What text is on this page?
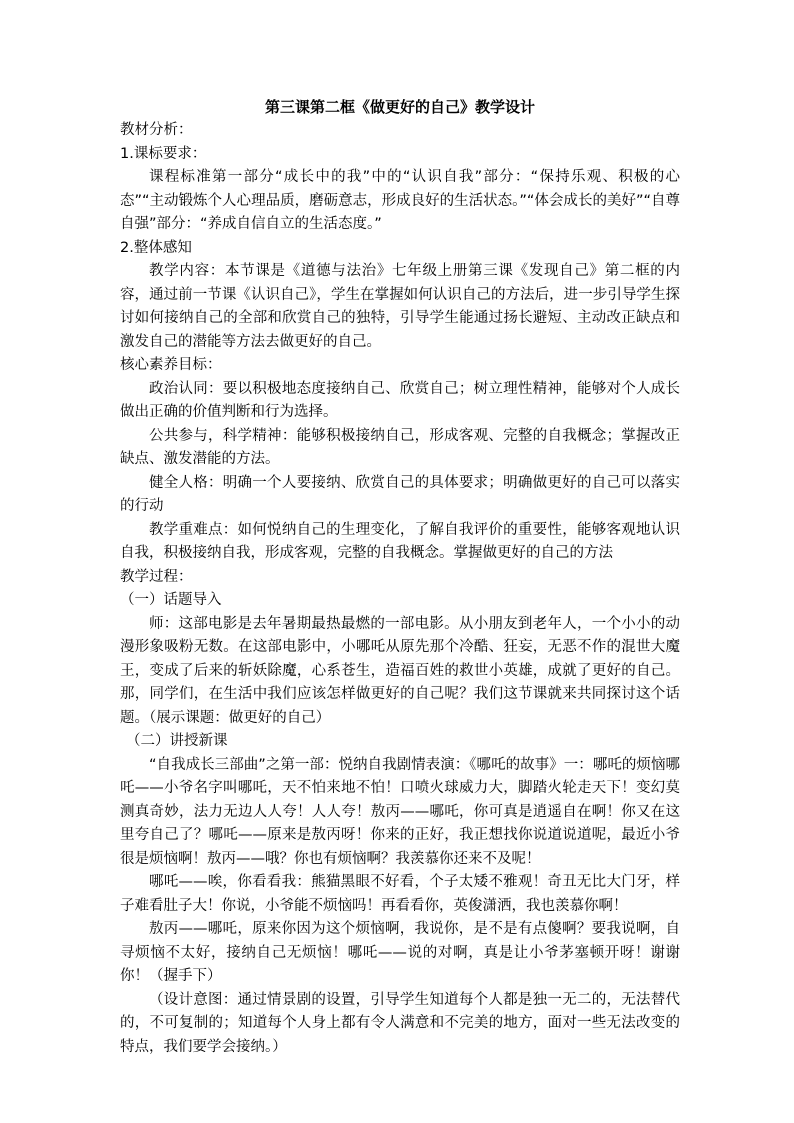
第三课第二框《做更好的自己》教学设计

教材分析：

1.课标要求：

课程标准第一部分“成长中的我”中的“认识自我”部分：“保持乐观、积极的心态”“主动锻炼个人心理品质，磨砺意志，形成良好的生活状态。”“体会成长的美好”“自尊自强”部分：“养成自信自立的生活态度。”

2.整体感知

教学内容：本节课是《道德与法治》七年级上册第三课《发现自己》第二框的内容，通过前一节课《认识自己》，学生在掌握如何认识自己的方法后，进一步引导学生探讨如何接纳自己的全部和欣赏自己的独特，引导学生能通过扬长避短、主动改正缺点和激发自己的潜能等方法去做更好的自己。

核心素养目标：

政治认同：要以积极地态度接纳自己、欣赏自己；树立理性精神，能够对个人成长做出正确的价值判断和行为选择。

公共参与，科学精神：能够积极接纳自己，形成客观、完整的自我概念；掌握改正缺点、激发潜能的方法。

健全人格：明确一个人要接纳、欣赏自己的具体要求；明确做更好的自己可以落实的行动

教学重难点：如何悦纳自己的生理变化，了解自我评价的重要性，能够客观地认识自我，积极接纳自我，形成客观，完整的自我概念。掌握做更好的自己的方法

教学过程：

（一）话题导入

师：这部电影是去年暑期最热最燃的一部电影。从小朋友到老年人，一个小小的动漫形象吸粉无数。在这部电影中，小哪吒从原先那个冷酷、狂妄，无恶不作的混世大魔王，变成了后来的斩妖除魔，心系苍生，造福百姓的救世小英雄，成就了更好的自己。那，同学们，在生活中我们应该怎样做更好的自己呢？我们这节课就来共同探讨这个话题。（展示课题：做更好的自己）

（二）讲授新课

“自我成长三部曲”之第一部：悦纳自我剧情表演：《哪吒的故事》一：哪吒的烦恼哪吒——小爷名字叫哪吒，天不怕来地不怕！口喷火球威力大，脚踏火轮走天下！变幻莫测真奇妙，法力无边人人夸！人人夸！敖丙——哪吒，你可真是逍遥自在啊！你又在这里夸自己了？哪吒——原来是敖丙呀！你来的正好，我正想找你说道说道呢，最近小爷很是烦恼啊！敖丙——哦？你也有烦恼啊？我羡慕你还来不及呢！

哪吒——唉，你看看我：熊猫黑眼不好看，个子太矮不雅观！奇丑无比大门牙，样子难看肚子大！你说，小爷能不烦恼吗！再看看你，英俊潇洒，我也羡慕你啊！

敖丙——哪吒，原来你因为这个烦恼啊，我说你，是不是有点傻啊？要我说啊，自寻烦恼不太好，接纳自己无烦恼！哪吒——说的对啊，真是让小爷茅塞顿开呀！谢谢你！（握手下）

（设计意图：通过情景剧的设置，引导学生知道每个人都是独一无二的，无法替代的，不可复制的；知道每个人身上都有令人满意和不完美的地方，面对一些无法改变的特点，我们要学会接纳。）
